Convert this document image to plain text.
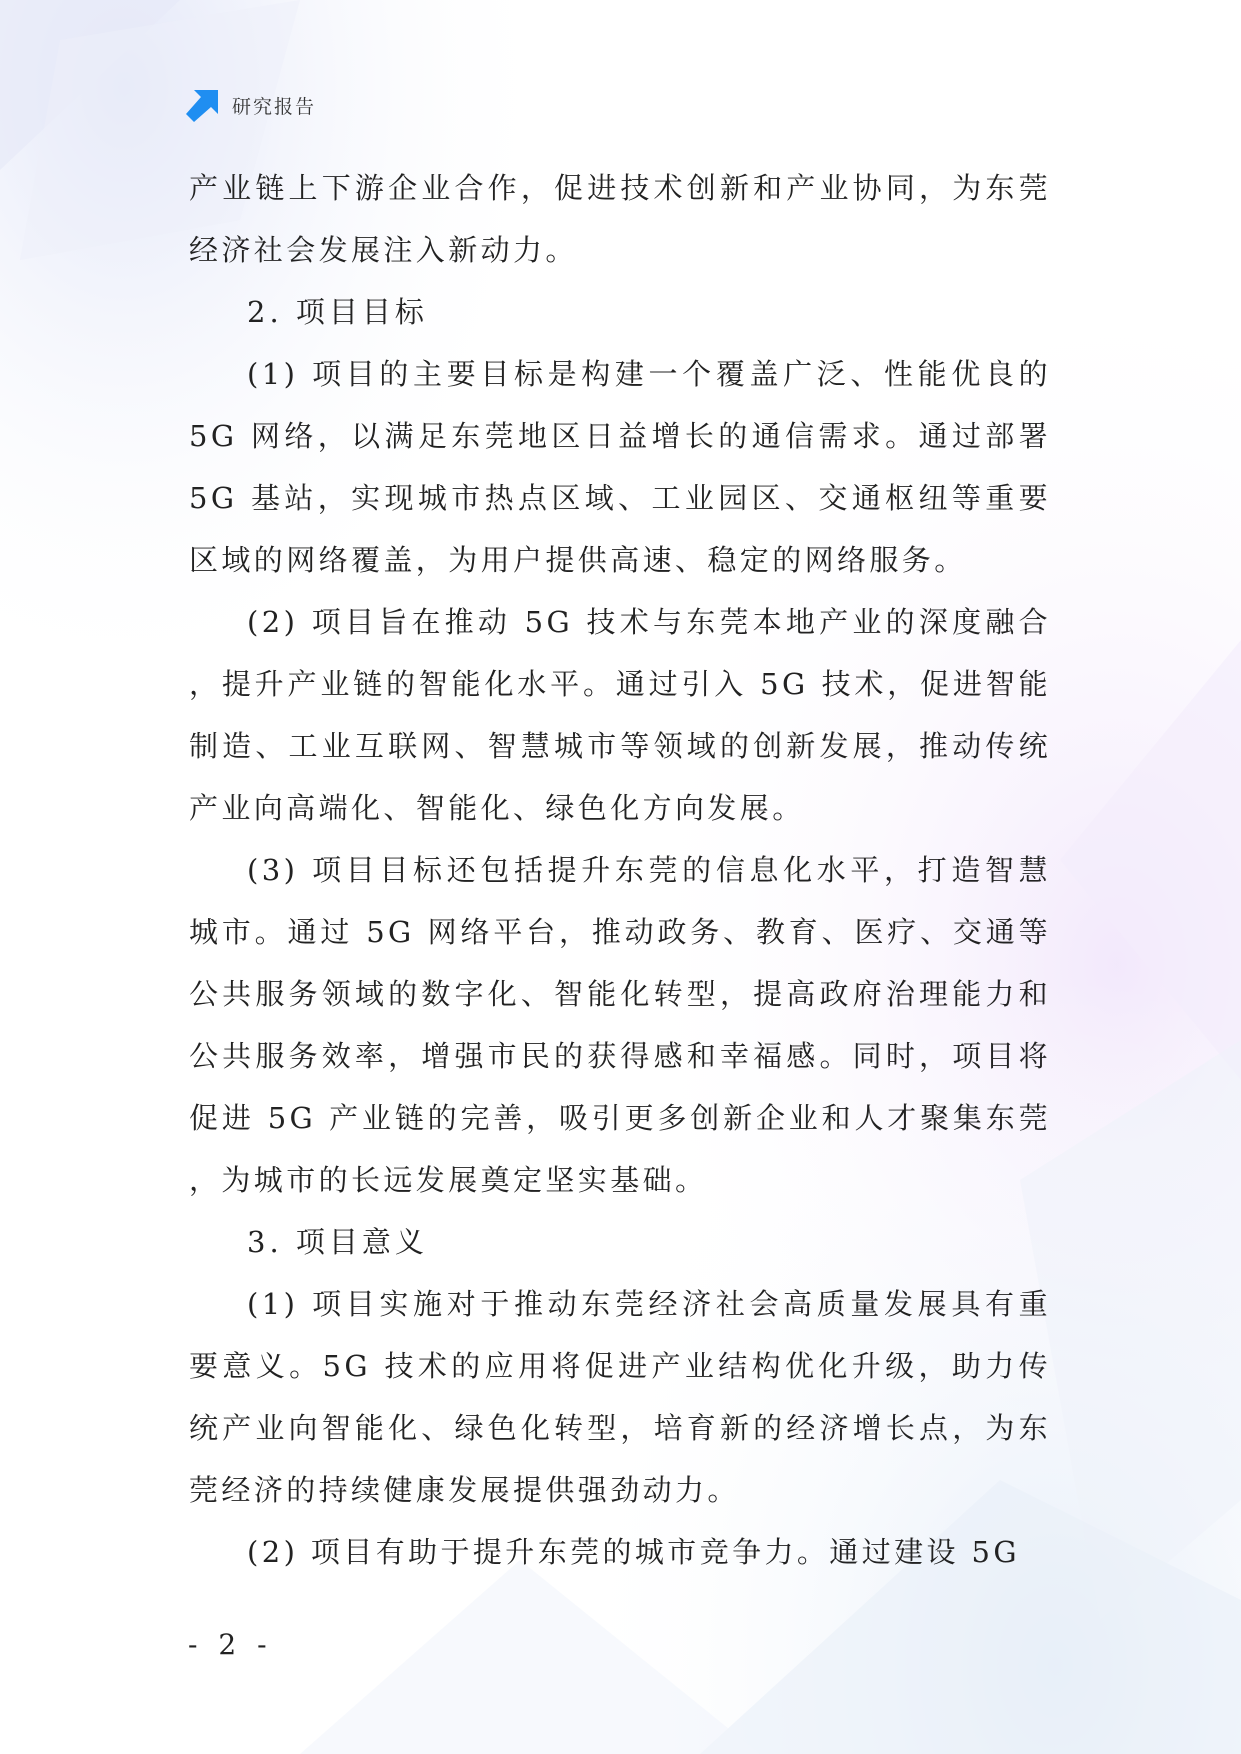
研究报告

产业链上下游企业合作，促进技术创新和产业协同，为东莞经济社会发展注入新动力。

2. 项目目标

(1) 项目的主要目标是构建一个覆盖广泛、性能优良的 5G 网络，以满足东莞地区日益增长的通信需求。通过部署 5G 基站，实现城市热点区域、工业园区、交通枢纽等重要区域的网络覆盖，为用户提供高速、稳定的网络服务。

(2) 项目旨在推动 5G 技术与东莞本地产业的深度融合，提升产业链的智能化水平。通过引入 5G 技术，促进智能制造、工业互联网、智慧城市等领域的创新发展，推动传统产业向高端化、智能化、绿色化方向发展。

(3) 项目目标还包括提升东莞的信息化水平，打造智慧城市。通过 5G 网络平台，推动政务、教育、医疗、交通等公共服务领域的数字化、智能化转型，提高政府治理能力和公共服务效率，增强市民的获得感和幸福感。同时，项目将促进 5G 产业链的完善，吸引更多创新企业和人才聚集东莞，为城市的长远发展奠定坚实基础。

3. 项目意义

(1) 项目实施对于推动东莞经济社会高质量发展具有重要意义。5G 技术的应用将促进产业结构优化升级，助力传统产业向智能化、绿色化转型，培育新的经济增长点，为东莞经济的持续健康发展提供强劲动力。

(2) 项目有助于提升东莞的城市竞争力。通过建设 5G

- 2 -
